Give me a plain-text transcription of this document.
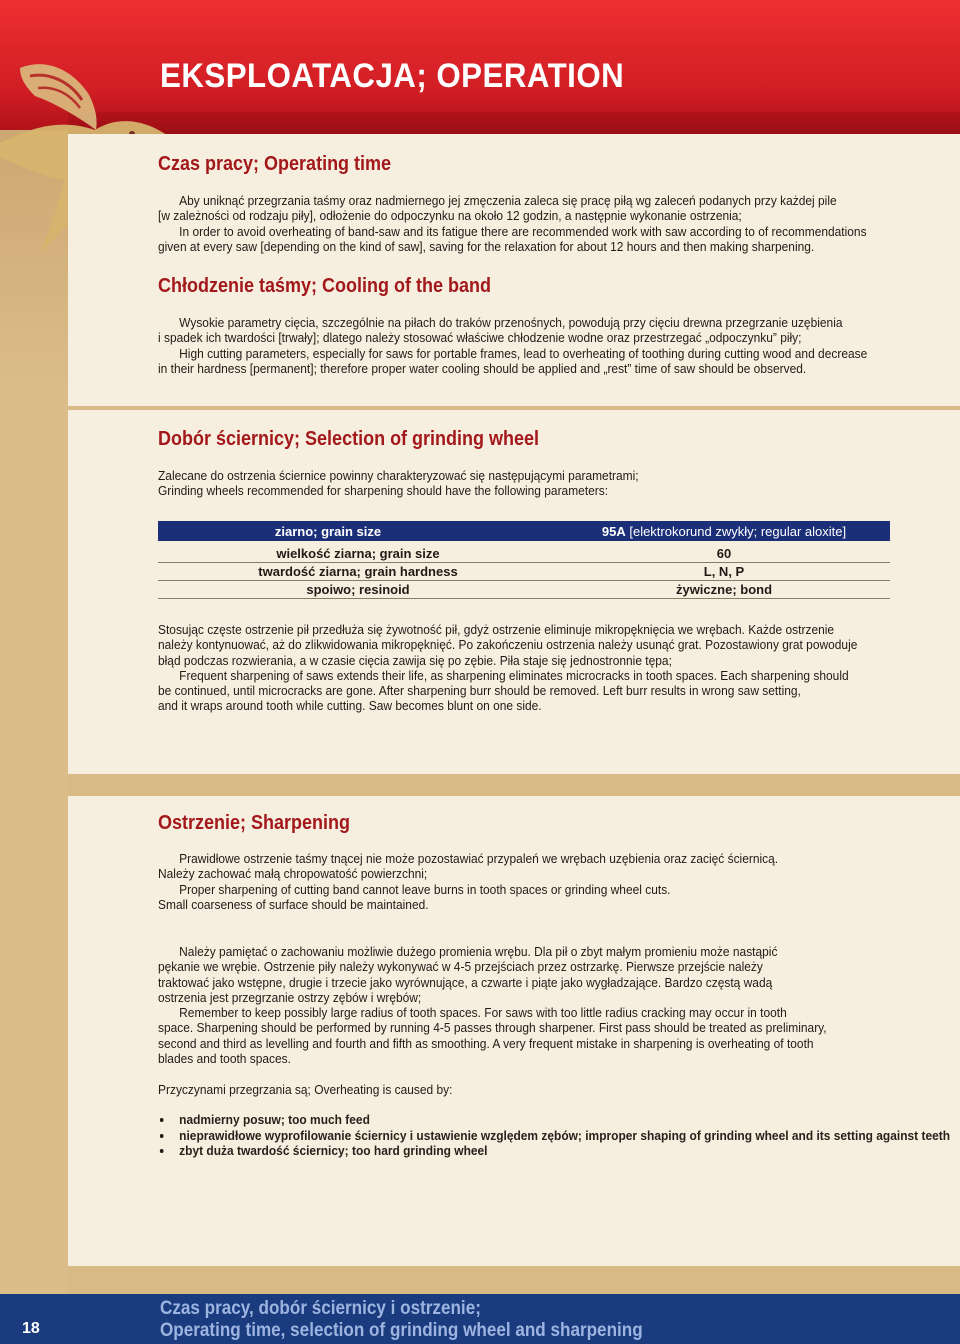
EKSPLOATACJA; OPERATION
Czas pracy; Operating time
Aby uniknąć przegrzania taśmy oraz nadmiernego jej zmęczenia zaleca się pracę piłą wg zaleceń podanych przy każdej pile
[w zależności od rodzaju piły], odłożenie do odpoczynku na około 12 godzin, a następnie wykonanie ostrzenia;
In order to avoid overheating of band-saw and its fatigue there are recommended work with saw according to of recommendations
given at every saw [depending on the kind of saw], saving for the relaxation for about 12 hours and then making sharpening.
Chłodzenie taśmy; Cooling of the band
Wysokie parametry cięcia, szczególnie na piłach do traków przenośnych, powodują przy cięciu drewna przegrzanie uzębienia
i spadek ich twardości [trwały]; dlatego należy stosować właściwe chłodzenie wodne oraz przestrzegać „odpoczynku” piły;
High cutting parameters, especially for saws for portable frames, lead to overheating of toothing during cutting wood and decrease
in their hardness [permanent]; therefore proper water cooling should be applied and „rest” time of saw should be observed.
Dobór ściernicy; Selection of grinding wheel
Zalecane do ostrzenia ściernice powinny charakteryzować się następującymi parametrami;
Grinding wheels recommended for sharpening should have the following parameters:
ziarno; grain size	95A [elektrokorund zwykły; regular aloxite]
wielkość ziarna; grain size	60
twardość ziarna; grain hardness	L, N, P
spoiwo; resinoid	żywiczne; bond
Stosując częste ostrzenie pił przedłuża się żywotność pił, gdyż ostrzenie eliminuje mikropęknięcia we wrębach. Każde ostrzenie
należy kontynuować, aż do zlikwidowania mikropęknięć. Po zakończeniu ostrzenia należy usunąć grat. Pozostawiony grat powoduje
błąd podczas rozwierania, a w czasie cięcia zawija się po zębie. Piła staje się jednostronnie tępa;
Frequent sharpening of saws extends their life, as sharpening eliminates microcracks in tooth spaces. Each sharpening should
be continued, until microcracks are gone. After sharpening burr should be removed. Left burr results in wrong saw setting,
and it wraps around tooth while cutting. Saw becomes blunt on one side.
Ostrzenie; Sharpening
Prawidłowe ostrzenie taśmy tnącej nie może pozostawiać przypaleń we wrębach uzębienia oraz zacięć ściernicą.
Należy zachować małą chropowatość powierzchni;
Proper sharpening of cutting band cannot leave burns in tooth spaces or grinding wheel cuts.
Small coarseness of surface should be maintained.
Należy pamiętać o zachowaniu możliwie dużego promienia wrębu. Dla pił o zbyt małym promieniu może nastąpić
pękanie we wrębie. Ostrzenie piły należy wykonywać w 4-5 przejściach przez ostrzarkę. Pierwsze przejście należy
traktować jako wstępne, drugie i trzecie jako wyrównujące, a czwarte i piąte jako wygładzające. Bardzo częstą wadą
ostrzenia jest przegrzanie ostrzy zębów i wrębów;
Remember to keep possibly large radius of tooth spaces. For saws with too little radius cracking may occur in tooth
space. Sharpening should be performed by running 4-5 passes through sharpener. First pass should be treated as preliminary,
second and third as levelling and fourth and fifth as smoothing. A very frequent mistake in sharpening is overheating of tooth
blades and tooth spaces.
Przyczynami przegrzania są; Overheating is caused by:
nadmierny posuw; too much feed
nieprawidłowe wyprofilowanie ściernicy i ustawienie względem zębów; improper shaping of grinding wheel and its setting against teeth
zbyt duża twardość ściernicy; too hard grinding wheel

18

Czas pracy, dobór ściernicy i ostrzenie;
Operating time, selection of grinding wheel and sharpening
